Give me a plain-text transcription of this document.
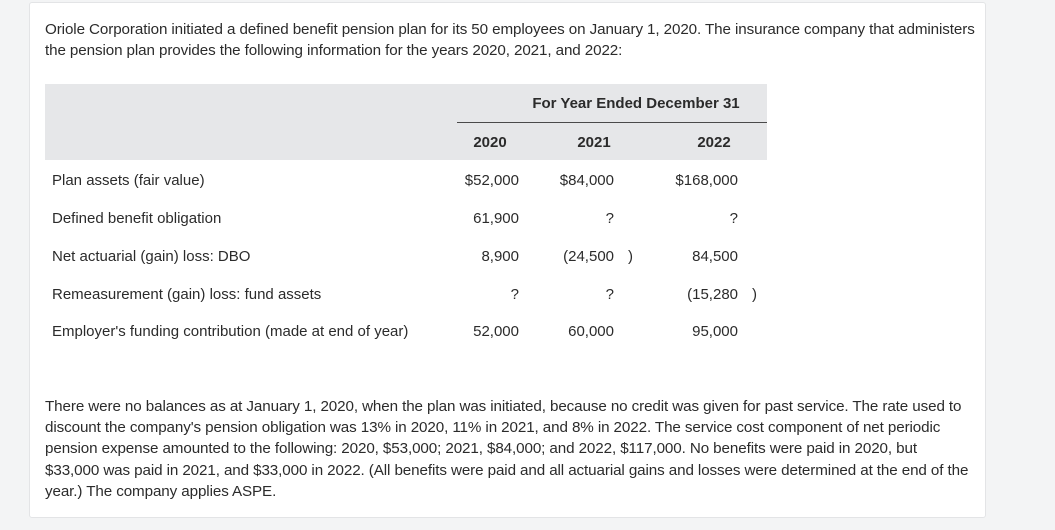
Oriole Corporation initiated a defined benefit pension plan for its 50 employees on January 1, 2020. The insurance company that administers the pension plan provides the following information for the years 2020, 2021, and 2022:

For Year Ended December 31
2020	2021	2022
Plan assets (fair value)	$52,000	$84,000	$168,000
Defined benefit obligation	61,900	?	?
Net actuarial (gain) loss: DBO	8,900	(24,500 )	84,500
Remeasurement (gain) loss: fund assets	?	?	(15,280 )
Employer's funding contribution (made at end of year)	52,000	60,000	95,000

There were no balances as at January 1, 2020, when the plan was initiated, because no credit was given for past service. The rate used to discount the company's pension obligation was 13% in 2020, 11% in 2021, and 8% in 2022. The service cost component of net periodic pension expense amounted to the following: 2020, $53,000; 2021, $84,000; and 2022, $117,000. No benefits were paid in 2020, but $33,000 was paid in 2021, and $33,000 in 2022. (All benefits were paid and all actuarial gains and losses were determined at the end of the year.) The company applies ASPE.
